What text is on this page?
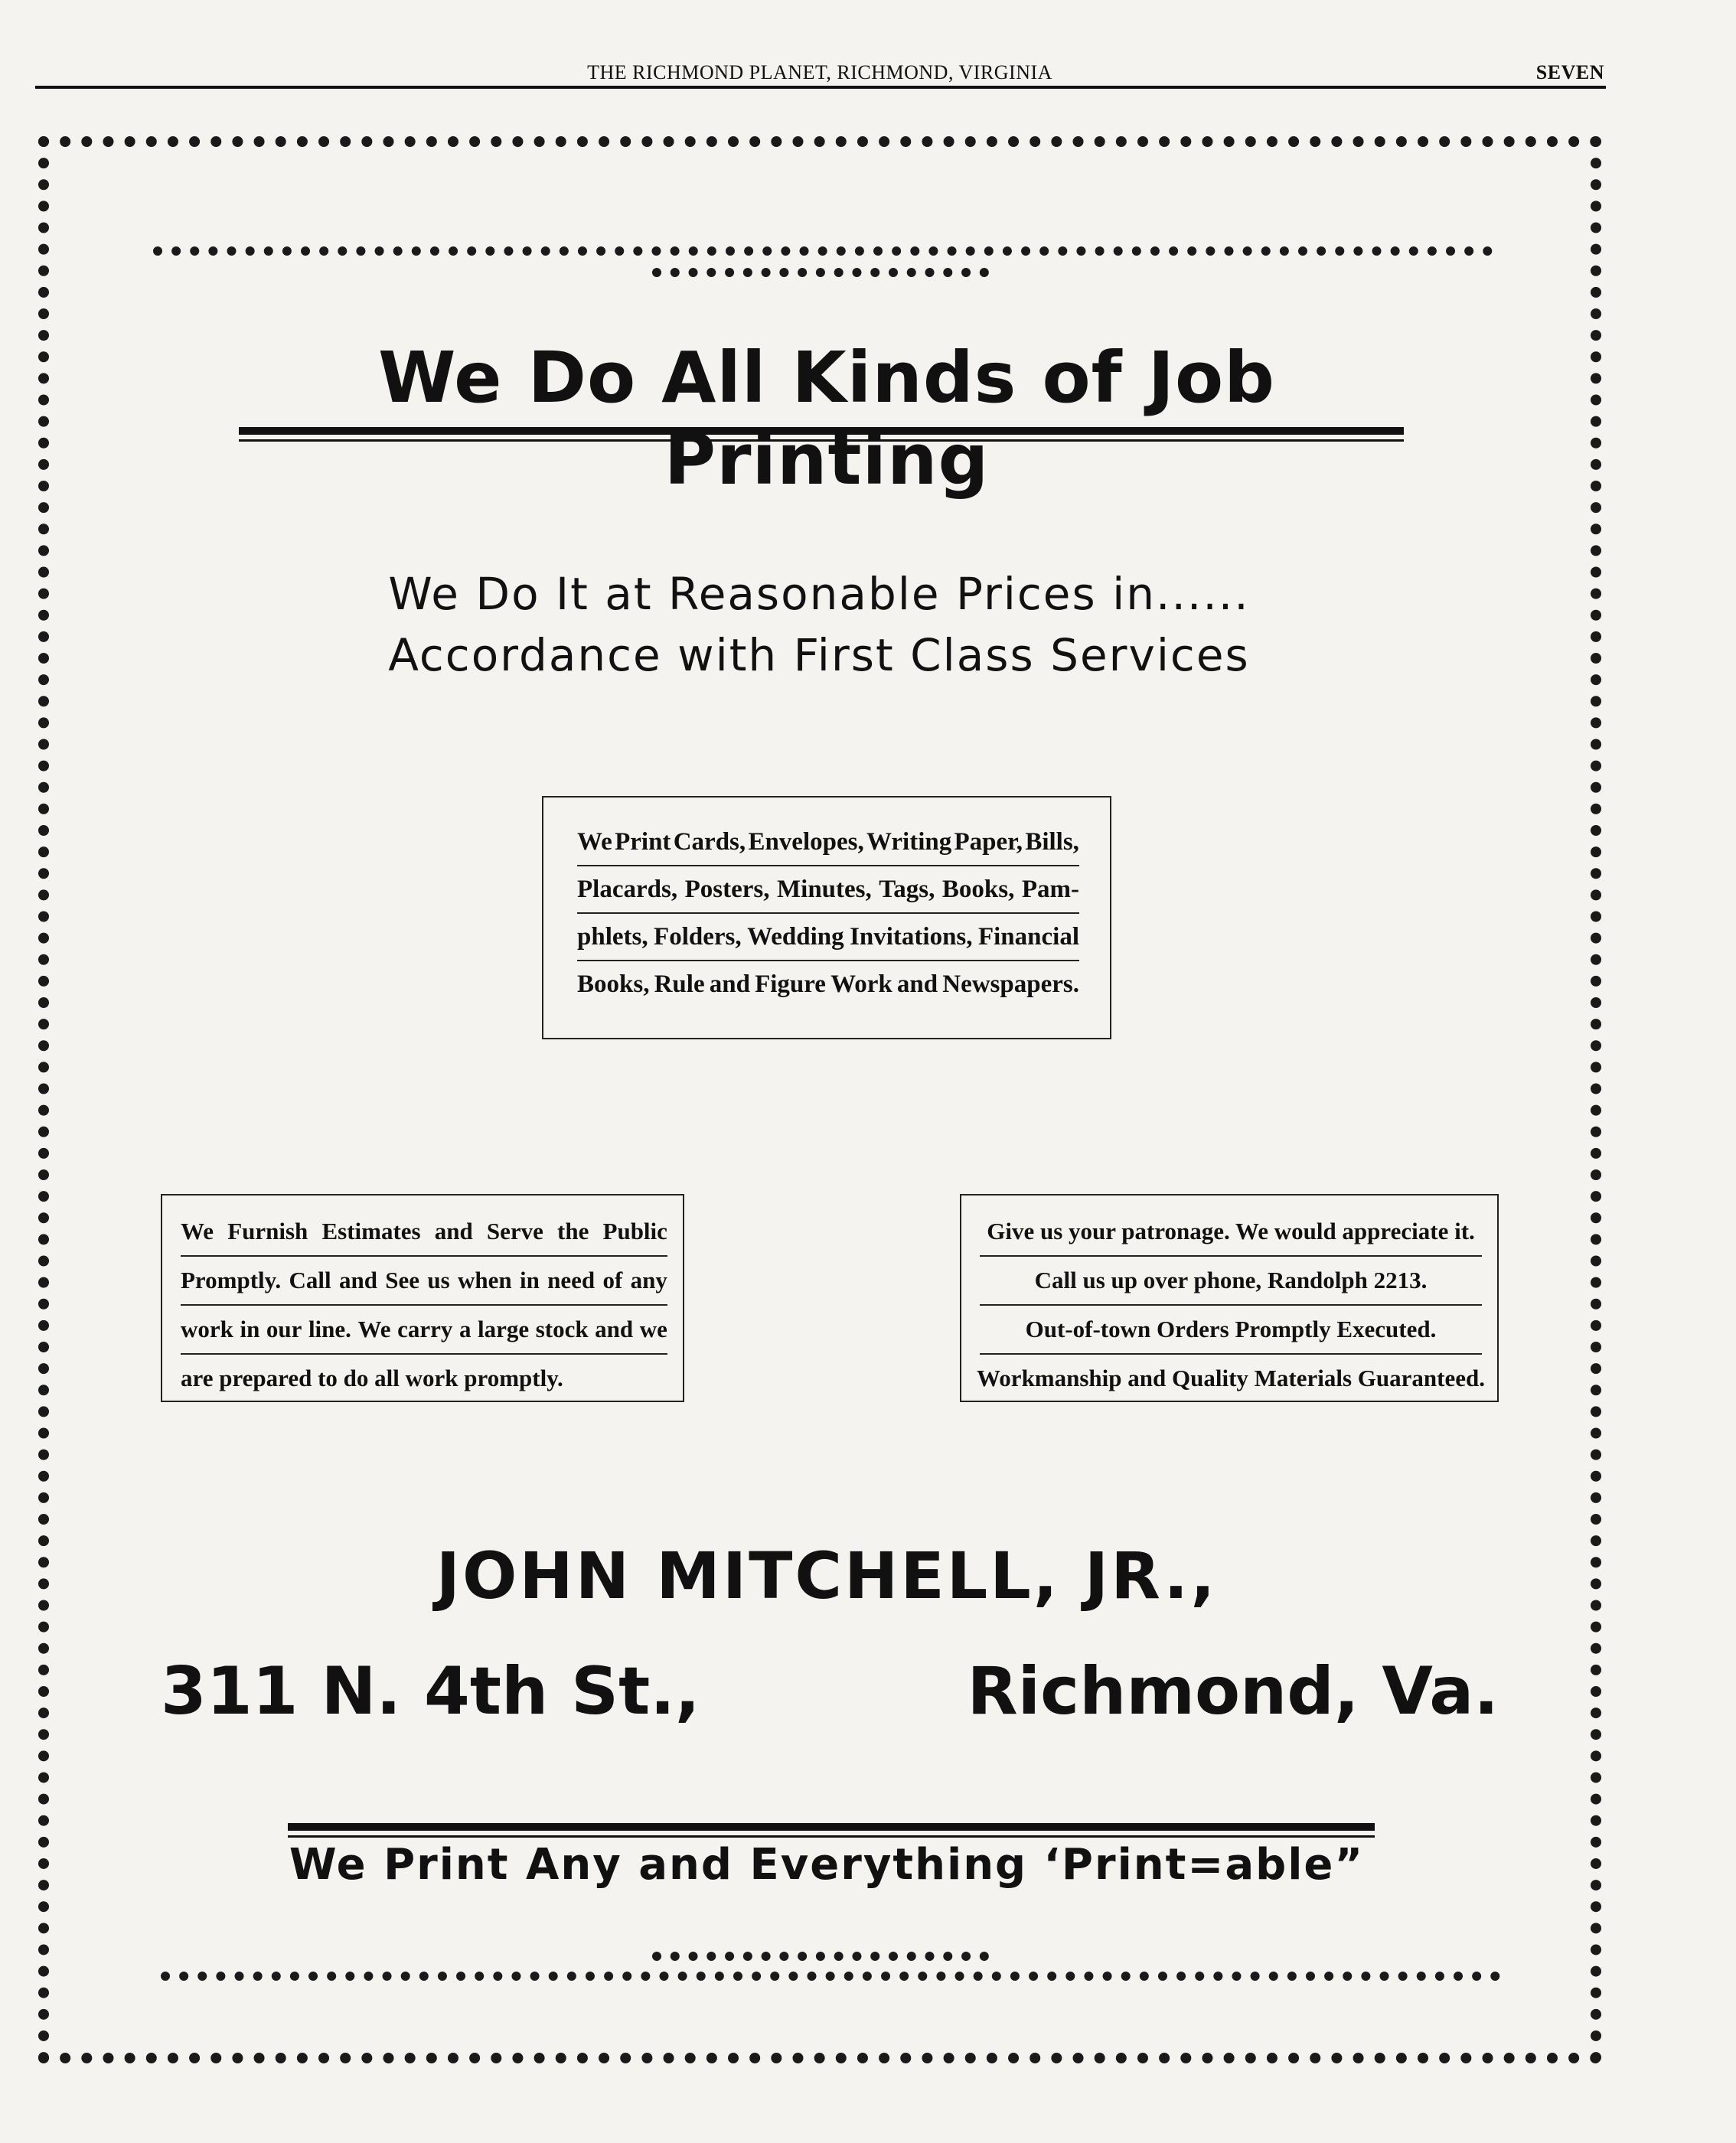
THE RICHMOND PLANET, RICHMOND, VIRGINIA	SEVEN
We Do All Kinds of Job Printing
We Do It at Reasonable Prices in......
Accordance with First Class Services
We Print Cards, Envelopes, Writing Paper, Bills,
Placards, Posters, Minutes, Tags, Books, Pam-
phlets, Folders, Wedding Invitations, Financial
Books, Rule and Figure Work and Newspapers.
We Furnish Estimates and Serve the Public
Promptly. Call and See us when in need of any
work in our line. We carry a large stock and we
are prepared to do all work promptly.
Give us your patronage. We would appreciate it.
Call us up over phone, Randolph 2213.
Out-of-town Orders Promptly Executed.
Workmanship and Quality Materials Guaranteed.
JOHN MITCHELL, JR.,
311 N. 4th St.,	Richmond, Va.
We Print Any and Everything ‘Print=able”
